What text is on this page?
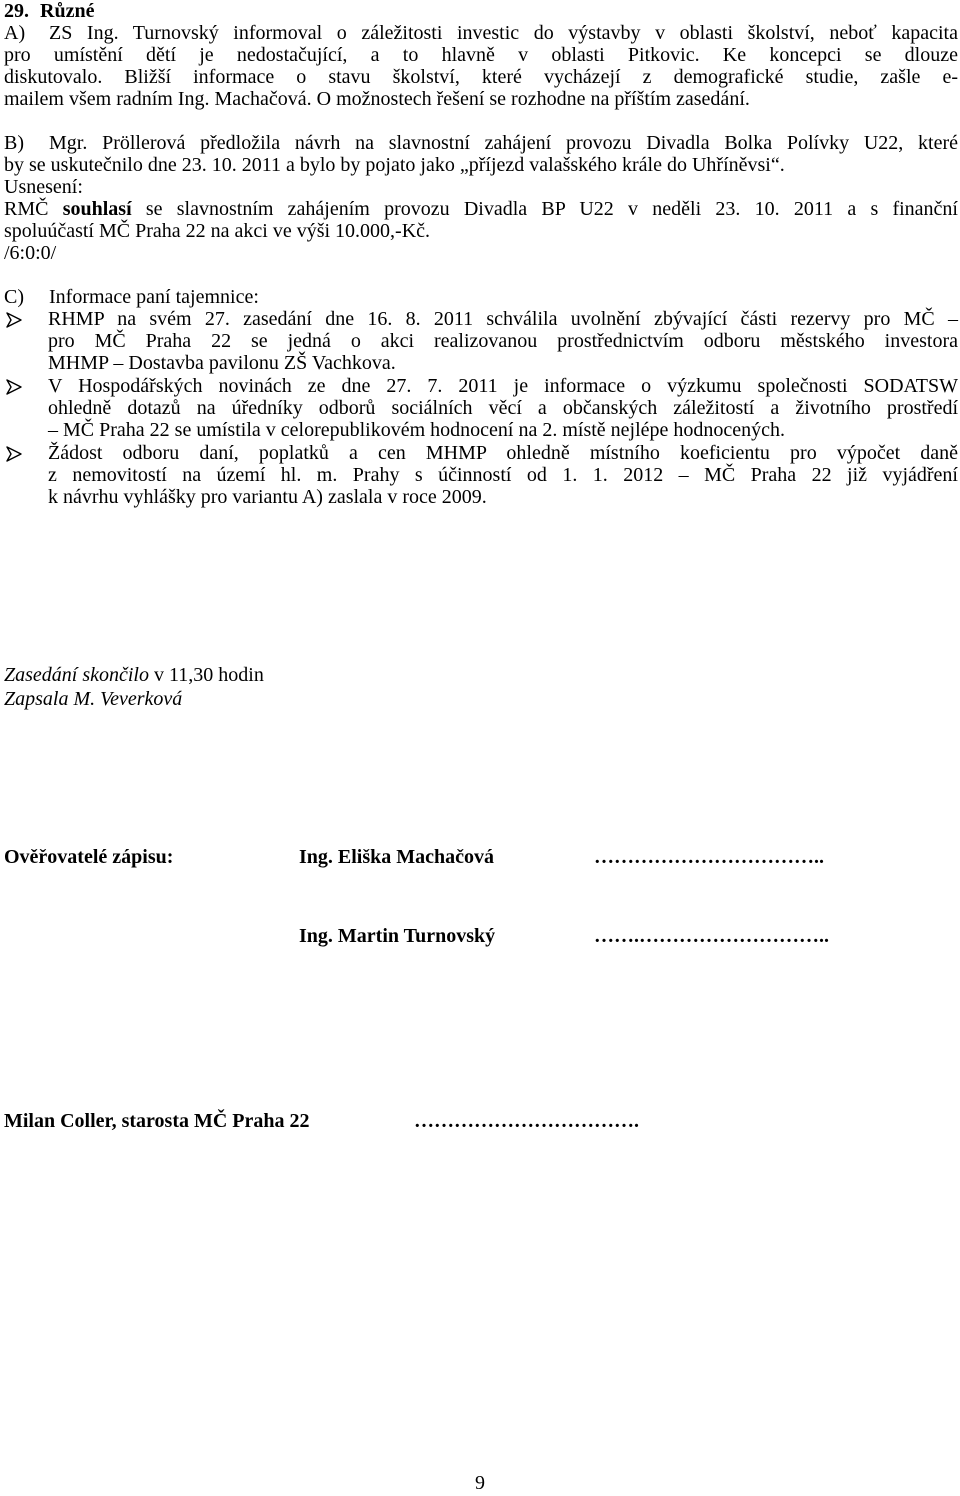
29. Různé
A) ZS Ing. Turnovský informoval o záležitosti investic do výstavby v oblasti školství, neboť kapacita
pro umístění dětí je nedostačující, a to hlavně v oblasti Pitkovic. Ke koncepci se dlouze
diskutovalo. Bližší informace o stavu školství, které vycházejí z demografické studie, zašle e-
mailem všem radním Ing. Machačová. O možnostech řešení se rozhodne na příštím zasedání.
B) Mgr. Pröllerová předložila návrh na slavnostní zahájení provozu Divadla Bolka Polívky U22, které
by se uskutečnilo dne 23. 10. 2011 a bylo by pojato jako „příjezd valašského krále do Uhříněvsi“.
Usnesení:
RMČ souhlasí se slavnostním zahájením provozu Divadla BP U22 v neděli 23. 10. 2011 a s finanční
spoluúčastí MČ Praha 22 na akci ve výši 10.000,-Kč.
/6:0:0/
C) Informace paní tajemnice:
RHMP na svém 27. zasedání dne 16. 8. 2011 schválila uvolnění zbývající části rezervy pro MČ –
pro MČ Praha 22 se jedná o akci realizovanou prostřednictvím odboru městského investora
MHMP – Dostavba pavilonu ZŠ Vachkova.
V Hospodářských novinách ze dne 27. 7. 2011 je informace o výzkumu společnosti SODATSW
ohledně dotazů na úředníky odborů sociálních věcí a občanských záležitostí a životního prostředí
– MČ Praha 22 se umístila v celorepublikovém hodnocení na 2. místě nejlépe hodnocených.
Žádost odboru daní, poplatků a cen MHMP ohledně místního koeficientu pro výpočet daně
z nemovitostí na území hl. m. Prahy s účinností od 1. 1. 2012 – MČ Praha 22 již vyjádření
k návrhu vyhlášky pro variantu A) zaslala v roce 2009.
Zasedání skončilo v 11,30 hodin
Zapsala M. Veverková
Ověřovatelé zápisu:	Ing. Eliška Machačová	……………………………..
Ing. Martin Turnovský	…….………………………..
Milan Coller, starosta MČ Praha 22	…………………………….
9
